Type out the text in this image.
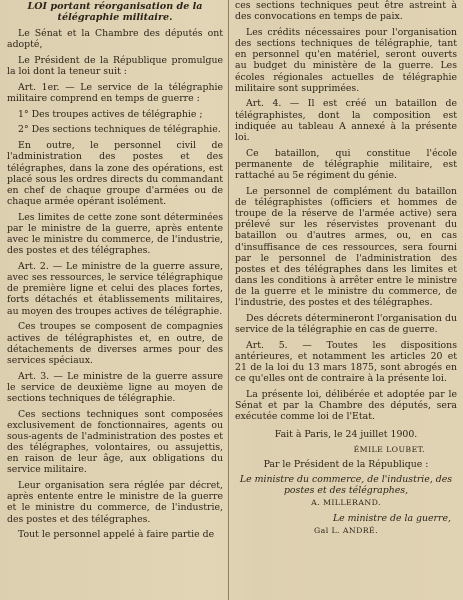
LOI portant réorganisation de la télégraphie militaire.

Le Sénat et la Chambre des députés ont adopté,

Le Président de la République promulgue la loi dont la teneur suit :

Art. 1er. — Le service de la télégraphie militaire comprend en temps de guerre :

1° Des troupes actives de télégraphie ;

2° Des sections techniques de télégraphie.

En outre, le personnel civil de l'administration des postes et des télégraphes, dans la zone des opérations, est placé sous les ordres directs du commandant en chef de chaque groupe d'armées ou de chaque armée opérant isolément.

Les limites de cette zone sont déterminées par le ministre de la guerre, après entente avec le ministre du commerce, de l'industrie, des postes et des télégraphes.

Art. 2. — Le ministre de la guerre assure, avec ses ressources, le service télégraphique de première ligne et celui des places fortes, forts détachés et établissements militaires, au moyen des troupes actives de télégraphie.

Ces troupes se composent de compagnies actives de télégraphistes et, en outre, de détachements de diverses armes pour des services spéciaux.

Art. 3. — Le ministre de la guerre assure le service de deuxième ligne au moyen de sections techniques de télégraphie.

Ces sections techniques sont composées exclusivement de fonctionnaires, agents ou sous-agents de l'administration des postes et des télégraphes, volontaires, ou assujettis, en raison de leur âge, aux obligations du service militaire.

Leur organisation sera réglée par décret, après entente entre le ministre de la guerre et le ministre du commerce, de l'industrie, des postes et des télégraphes.

Tout le personnel appelé à faire partie de

ces sections techniques peut être astreint à des convocations en temps de paix.

Les crédits nécessaires pour l'organisation des sections techniques de télégraphie, tant en personnel qu'en matériel, seront ouverts au budget du ministère de la guerre. Les écoles régionales actuelles de télégraphie militaire sont supprimées.

Art. 4. — Il est créé un bataillon de télégraphistes, dont la composition est indiquée au tableau A annexé à la présente loi.

Ce bataillon, qui constitue l'école permanente de télégraphie militaire, est rattaché au 5e régiment du génie.

Le personnel de complément du bataillon de télégraphistes (officiers et hommes de troupe de la réserve de l'armée active) sera prélevé sur les réservistes provenant du bataillon ou d'autres armes, ou, en cas d'insuffisance de ces ressources, sera fourni par le personnel de l'administration des postes et des télégraphes dans les limites et dans les conditions à arrêter entre le ministre de la guerre et le ministre du commerce, de l'industrie, des postes et des télégraphes.

Des décrets détermineront l'organisation du service de la télégraphie en cas de guerre.

Art. 5. — Toutes les dispositions antérieures, et notamment les articles 20 et 21 de la loi du 13 mars 1875, sont abrogés en ce qu'elles ont de contraire à la présente loi.

La présente loi, délibérée et adoptée par le Sénat et par la Chambre des députés, sera exécutée comme loi de l'Etat.

Fait à Paris, le 24 juillet 1900.

ÉMILE LOUBET.

Par le Président de la République :

Le ministre du commerce, de l'industrie, des postes et des télégraphes,

A. MILLERAND.

Le ministre de la guerre,

Gal L. ANDRÉ.
